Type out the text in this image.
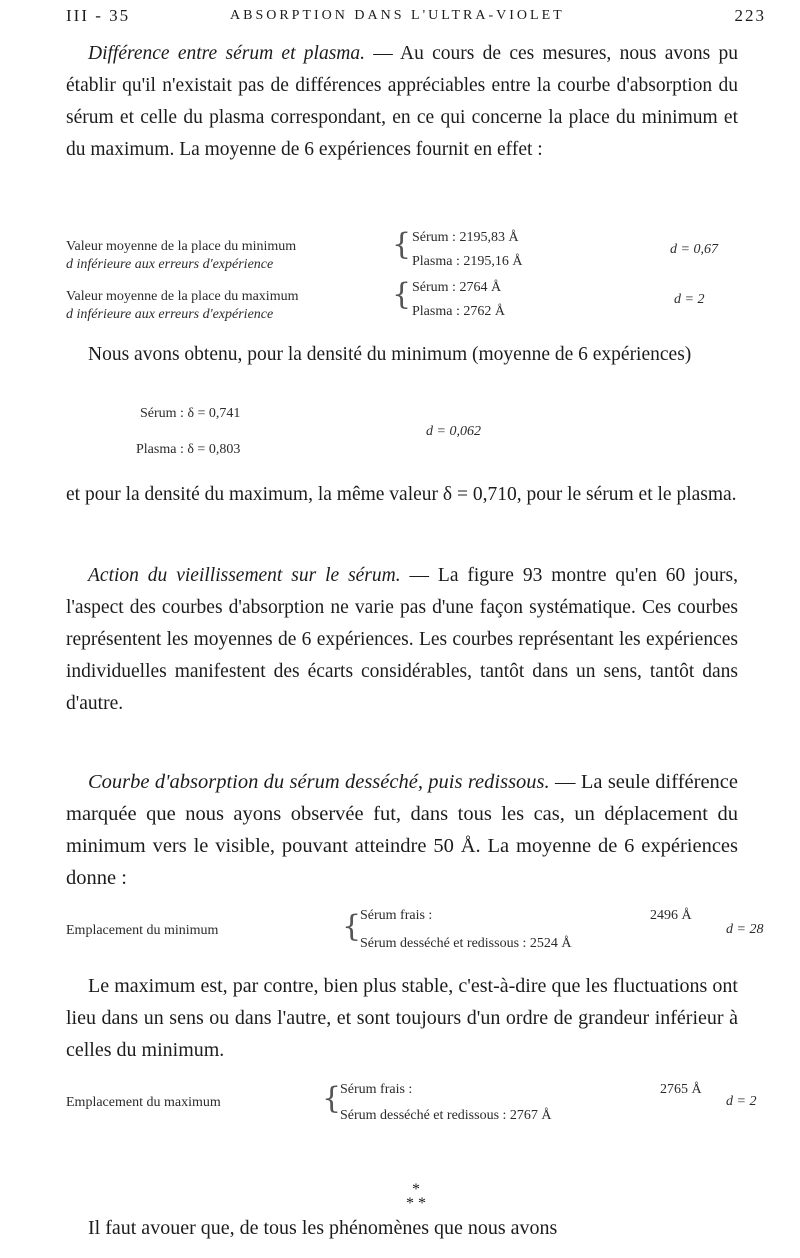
III - 35	ABSORPTION DANS L'ULTRA-VIOLET	223

Différence entre sérum et plasma. — Au cours de ces mesures, nous avons pu établir qu'il n'existait pas de différences appréciables entre la courbe d'absorption du sérum et celle du plasma correspondant, en ce qui concerne la place du minimum et du maximum. La moyenne de 6 expériences fournit en effet :

Valeur moyenne de la place du minimum
d inférieure aux erreurs d'expérience
{ Sérum : 2195,83 Å
Plasma : 2195,16 Å
d = 0,67
Valeur moyenne de la place du maximum
d inférieure aux erreurs d'expérience
{ Sérum : 2764 Å
Plasma : 2762 Å
d = 2

Nous avons obtenu, pour la densité du minimum (moyenne de 6 expériences)

Sérum : δ = 0,741
Plasma : δ = 0,803
d = 0,062

et pour la densité du maximum, la même valeur δ = 0,710, pour le sérum et le plasma.

Action du vieillissement sur le sérum. — La figure 93 montre qu'en 60 jours, l'aspect des courbes d'absorption ne varie pas d'une façon systématique. Ces courbes représentent les moyennes de 6 expériences. Les courbes représentant les expériences individuelles manifestent des écarts considérables, tantôt dans un sens, tantôt dans d'autre.

Courbe d'absorption du sérum desséché, puis redissous. — La seule différence marquée que nous ayons observée fut, dans tous les cas, un déplacement du minimum vers le visible, pouvant atteindre 50 Å. La moyenne de 6 expériences donne :

Emplacement du minimum	{
Sérum frais :	2496 Å
Sérum desséché et redissous : 2524 Å
d = 28

Le maximum est, par contre, bien plus stable, c'est-à-dire que les fluctuations ont lieu dans un sens ou dans l'autre, et sont toujours d'un ordre de grandeur inférieur à celles du minimum.

Emplacement du maximum	{
Sérum frais :	2765 Å
Sérum desséché et redissous : 2767 Å
d = 2
*
* *

Il faut avouer que, de tous les phénomènes que nous avons
